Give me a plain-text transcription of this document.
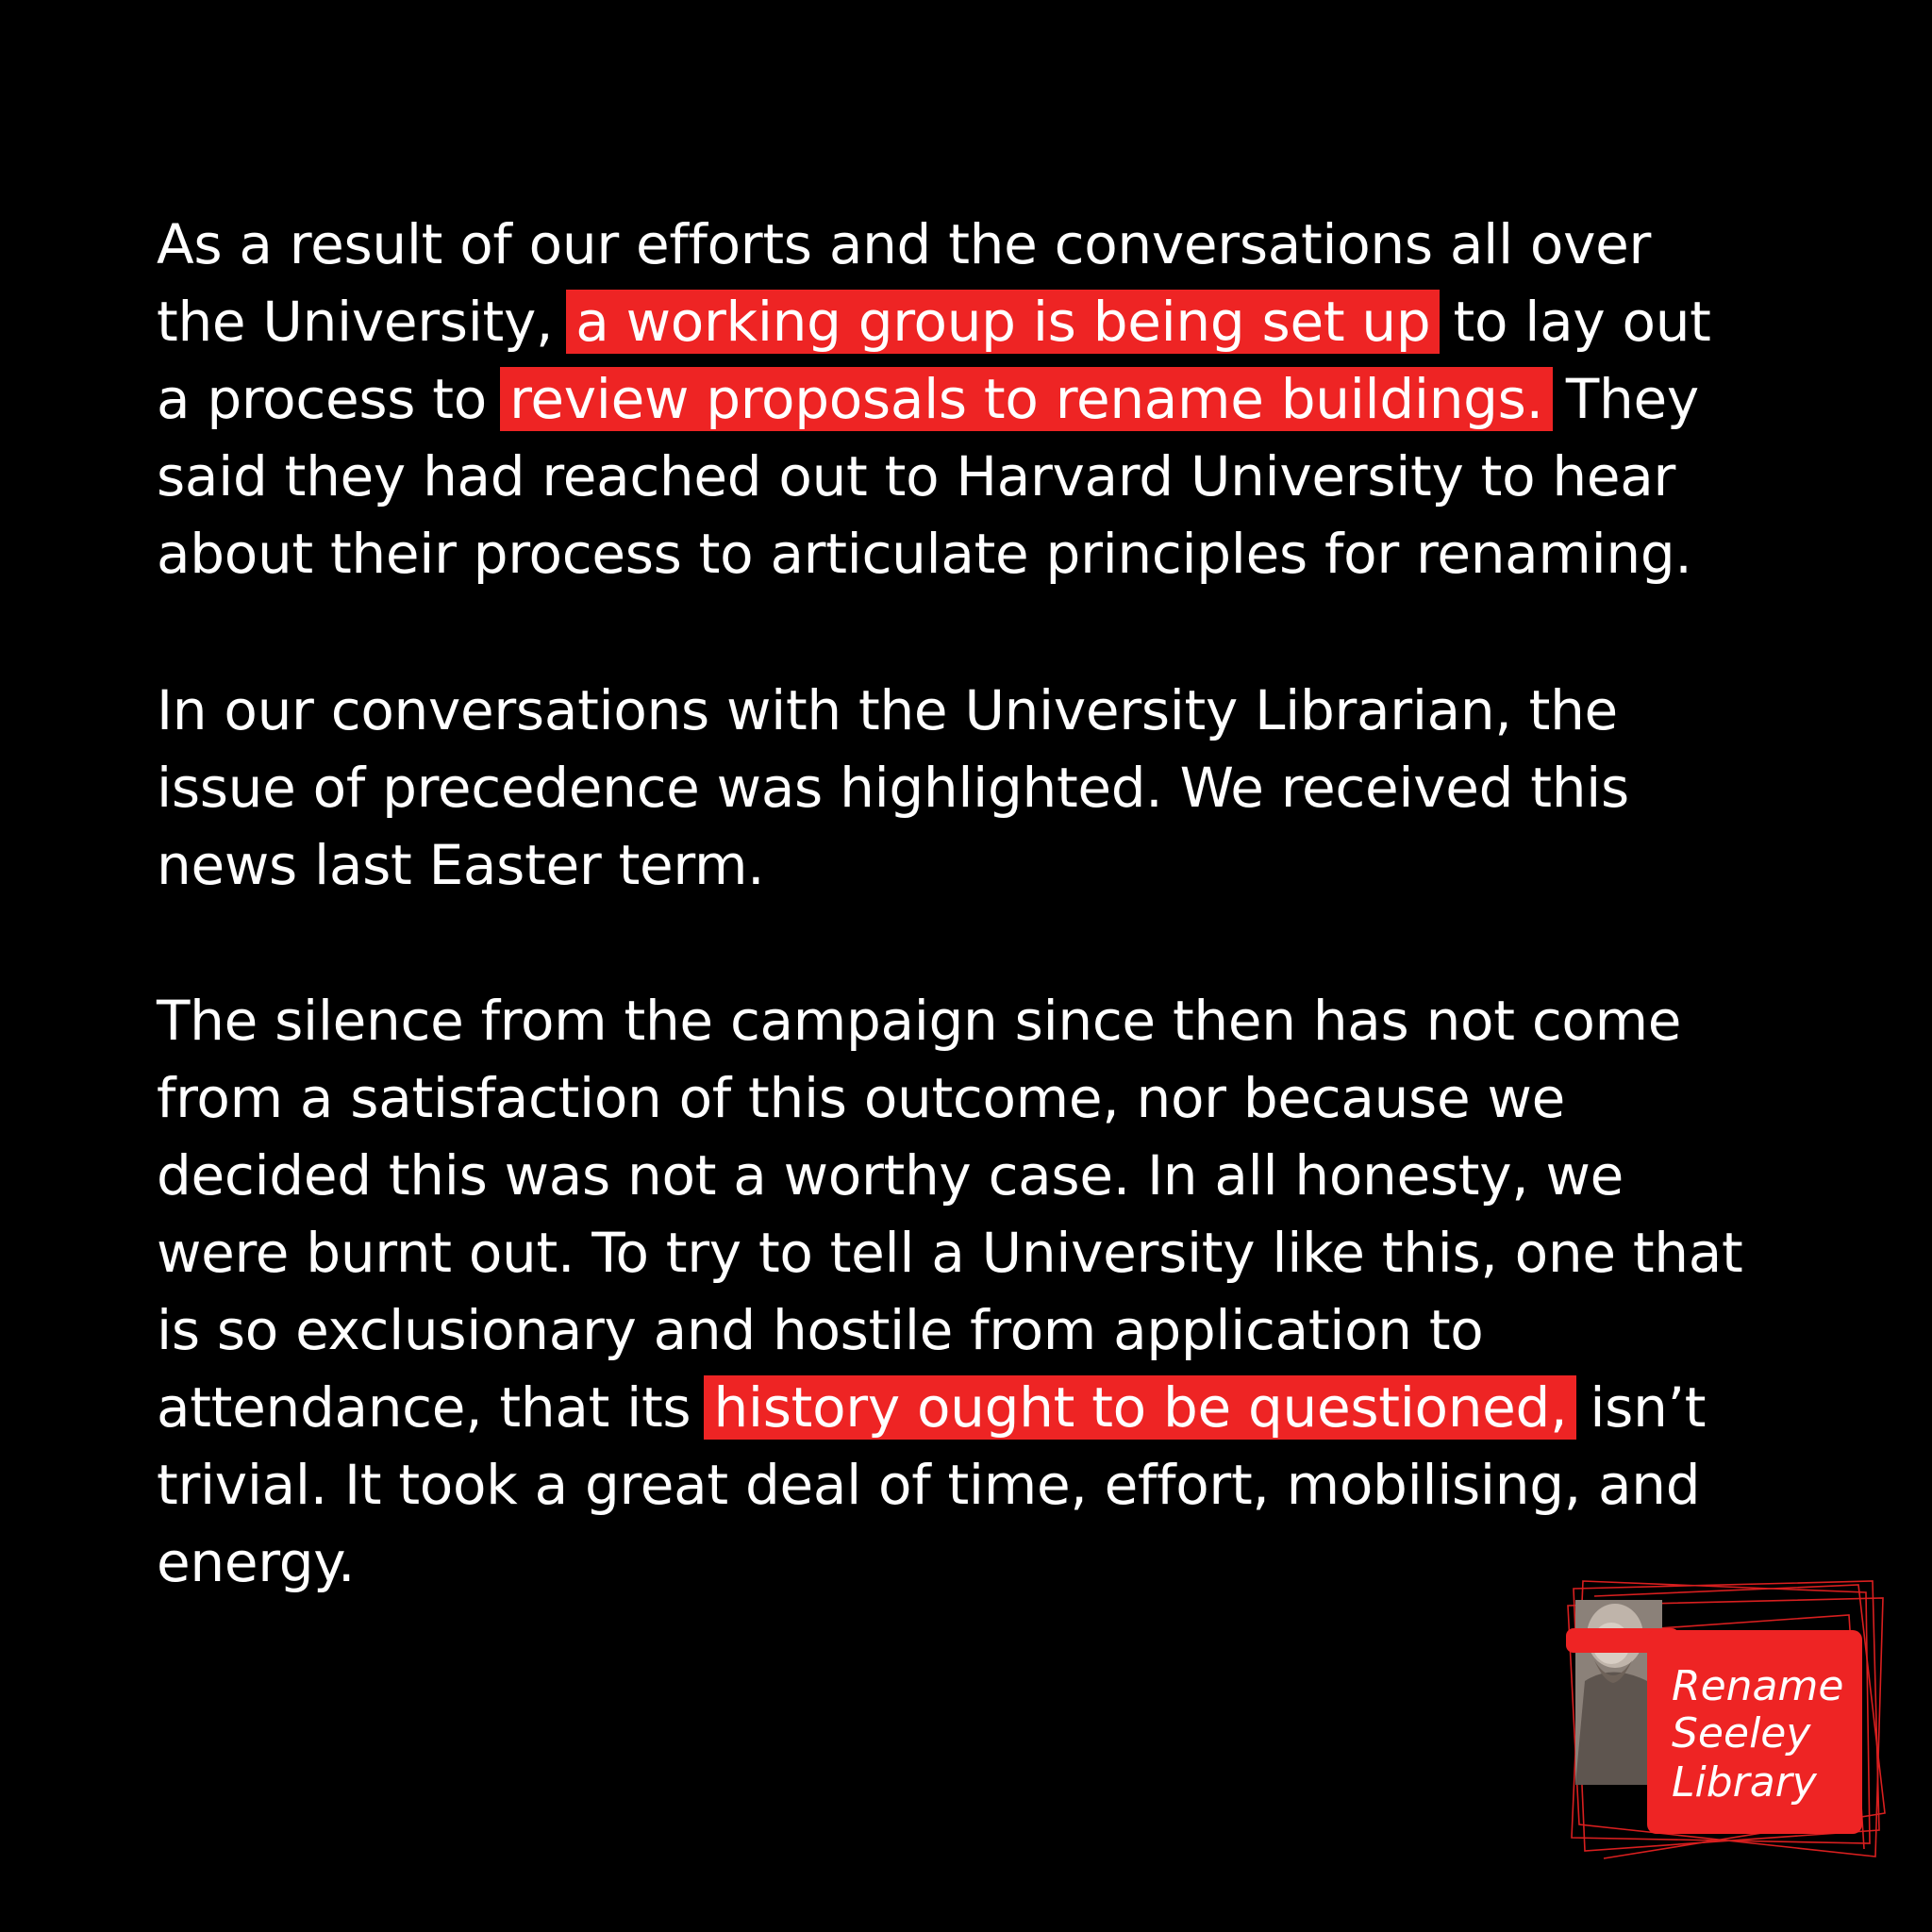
As a result of our efforts and the conversations all over
the University, a working group is being set up to lay out
a process to review proposals to rename buildings. They
said they had reached out to Harvard University to hear
about their process to articulate principles for renaming.
In our conversations with the University Librarian, the
issue of precedence was highlighted. We received this
news last Easter term.
The silence from the campaign since then has not come
from a satisfaction of this outcome, nor because we
decided this was not a worthy case. In all honesty, we
were burnt out. To try to tell a University like this, one that
is so exclusionary and hostile from application to
attendance, that its history ought to be questioned, isn’t
trivial. It took a great deal of time, effort, mobilising, and
energy.
Rename
Seeley
Library
